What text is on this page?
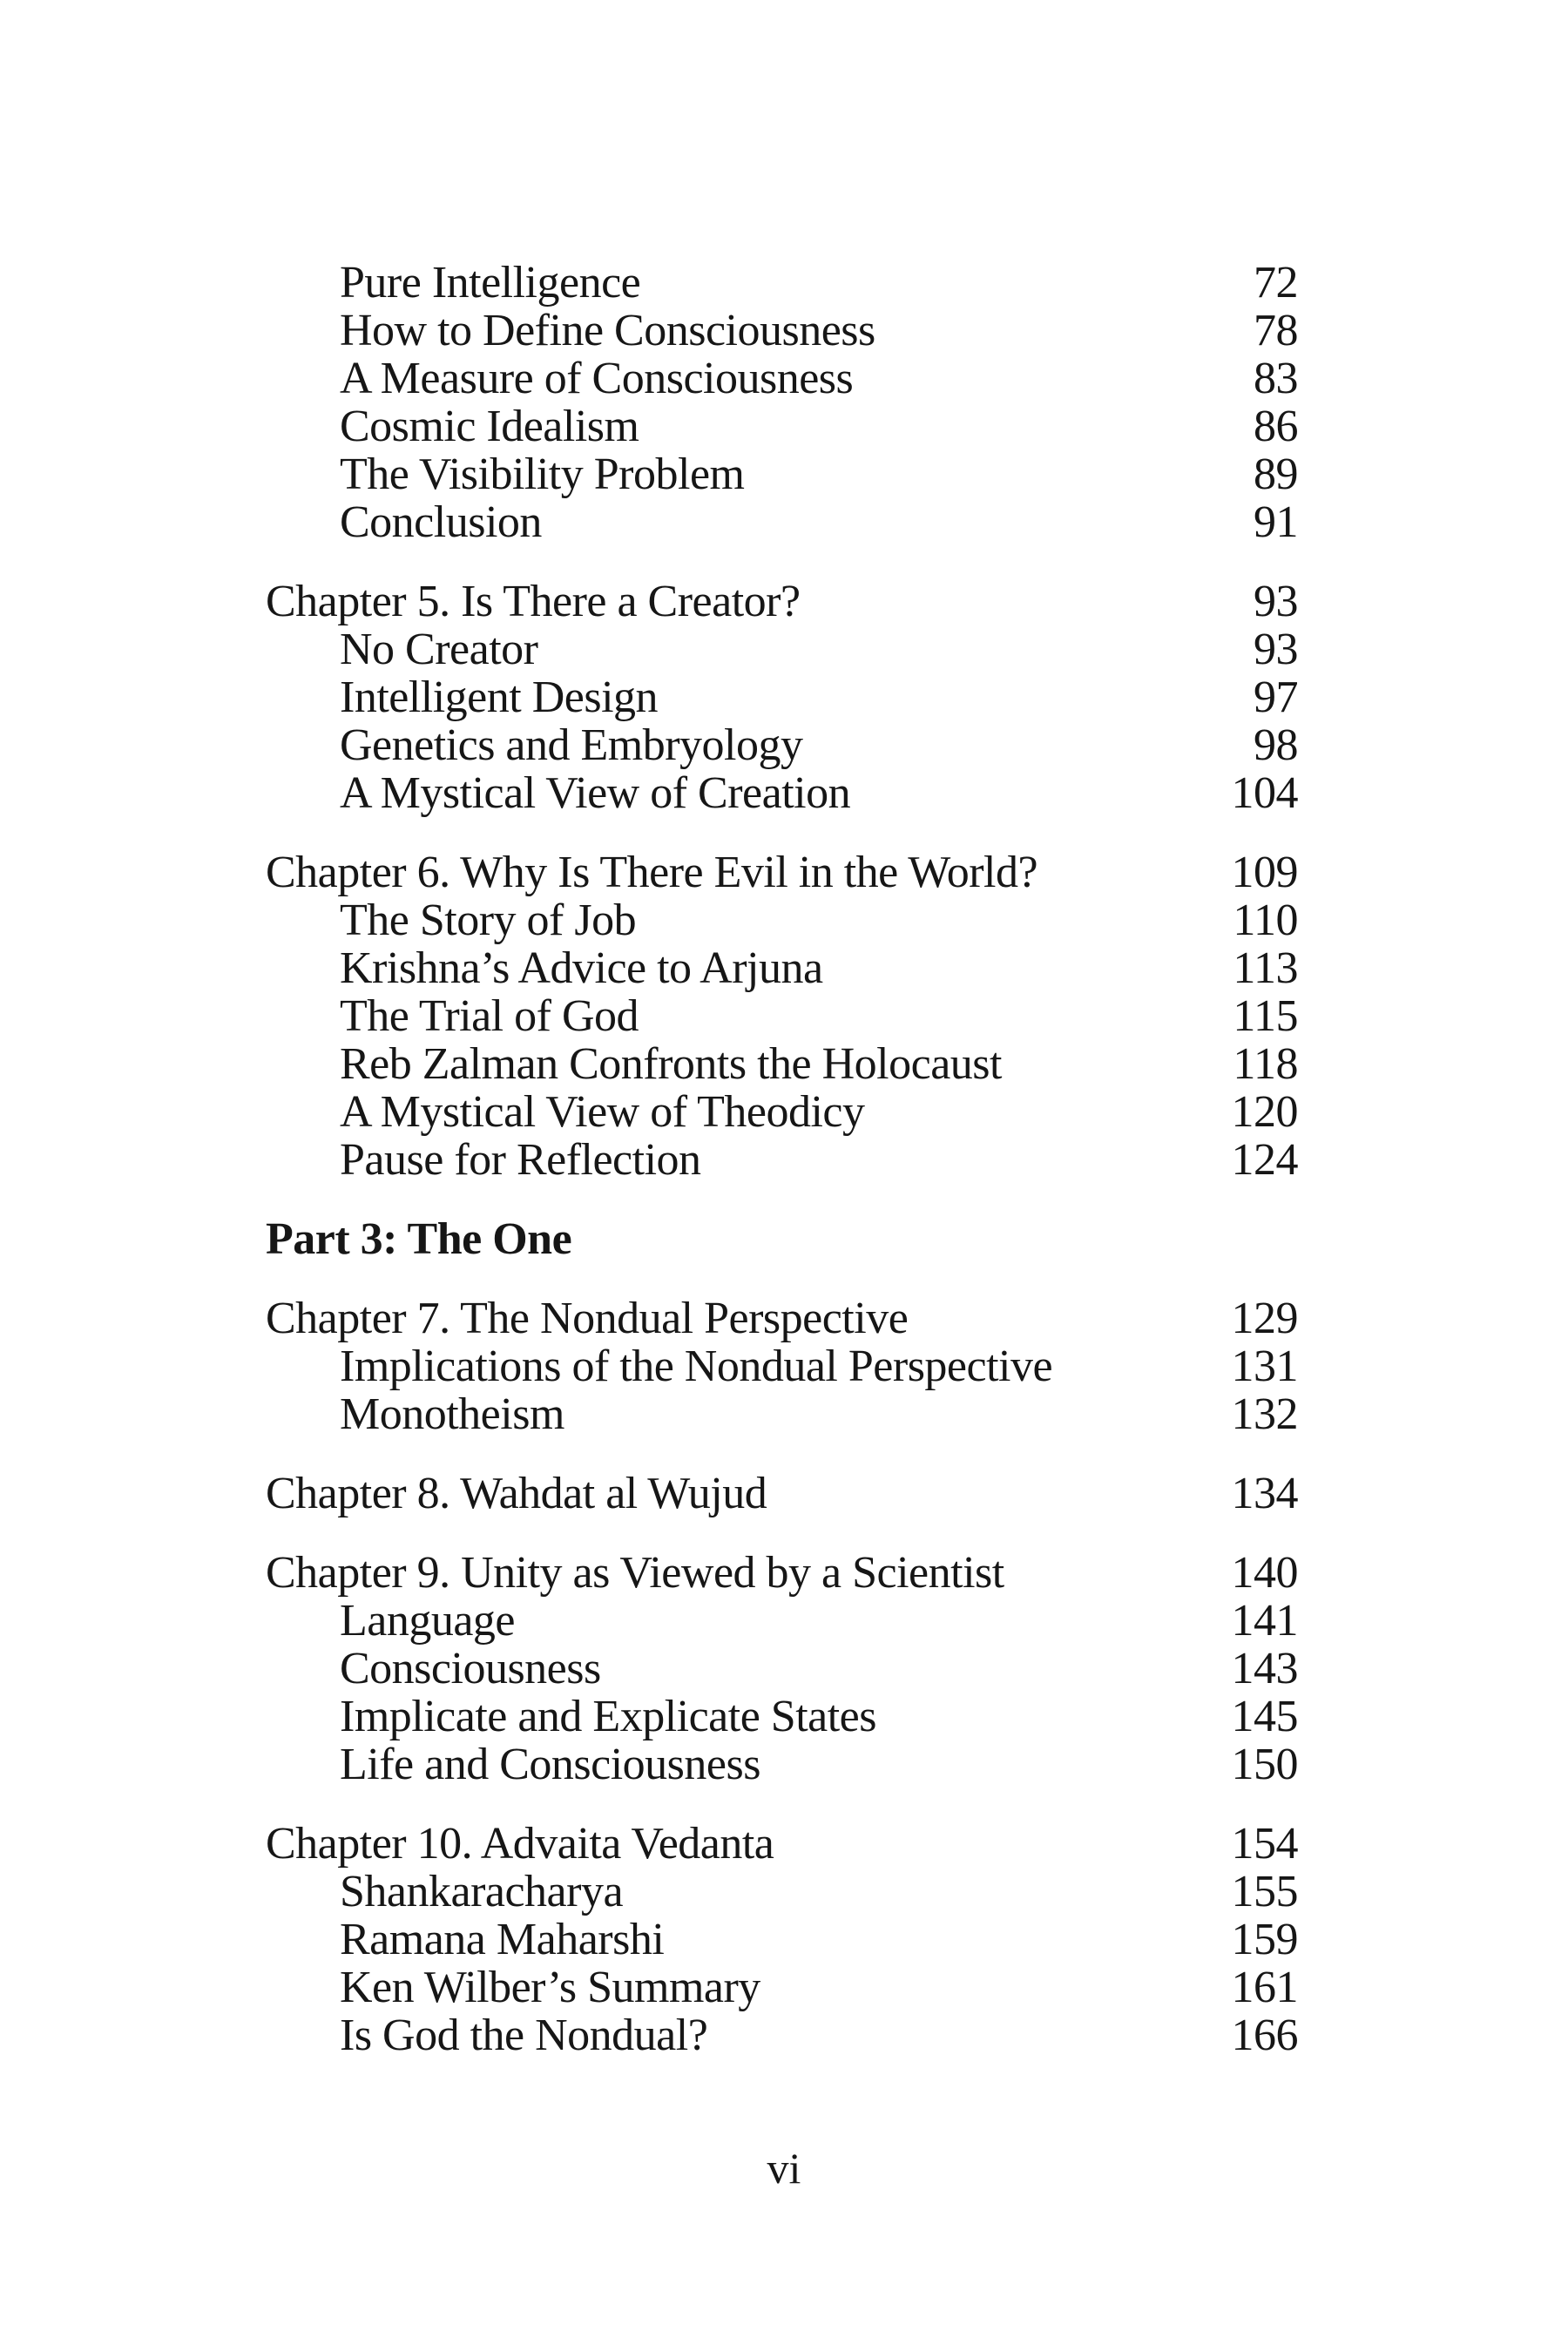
Pure Intelligence	72
How to Define Consciousness	78
A Measure of Consciousness	83
Cosmic Idealism	86
The Visibility Problem	89
Conclusion	91
Chapter 5. Is There a Creator?	93
No Creator	93
Intelligent Design	97
Genetics and Embryology	98
A Mystical View of Creation	104
Chapter 6. Why Is There Evil in the World?	109
The Story of Job	110
Krishna’s Advice to Arjuna	113
The Trial of God	115
Reb Zalman Confronts the Holocaust	118
A Mystical View of Theodicy	120
Pause for Reflection	124
Part 3: The One
Chapter 7. The Nondual Perspective	129
Implications of the Nondual Perspective	131
Monotheism	132
Chapter 8. Wahdat al Wujud	134
Chapter 9. Unity as Viewed by a Scientist	140
Language	141
Consciousness	143
Implicate and Explicate States	145
Life and Consciousness	150
Chapter 10. Advaita Vedanta	154
Shankaracharya	155
Ramana Maharshi	159
Ken Wilber’s Summary	161
Is God the Nondual?	166
vi
